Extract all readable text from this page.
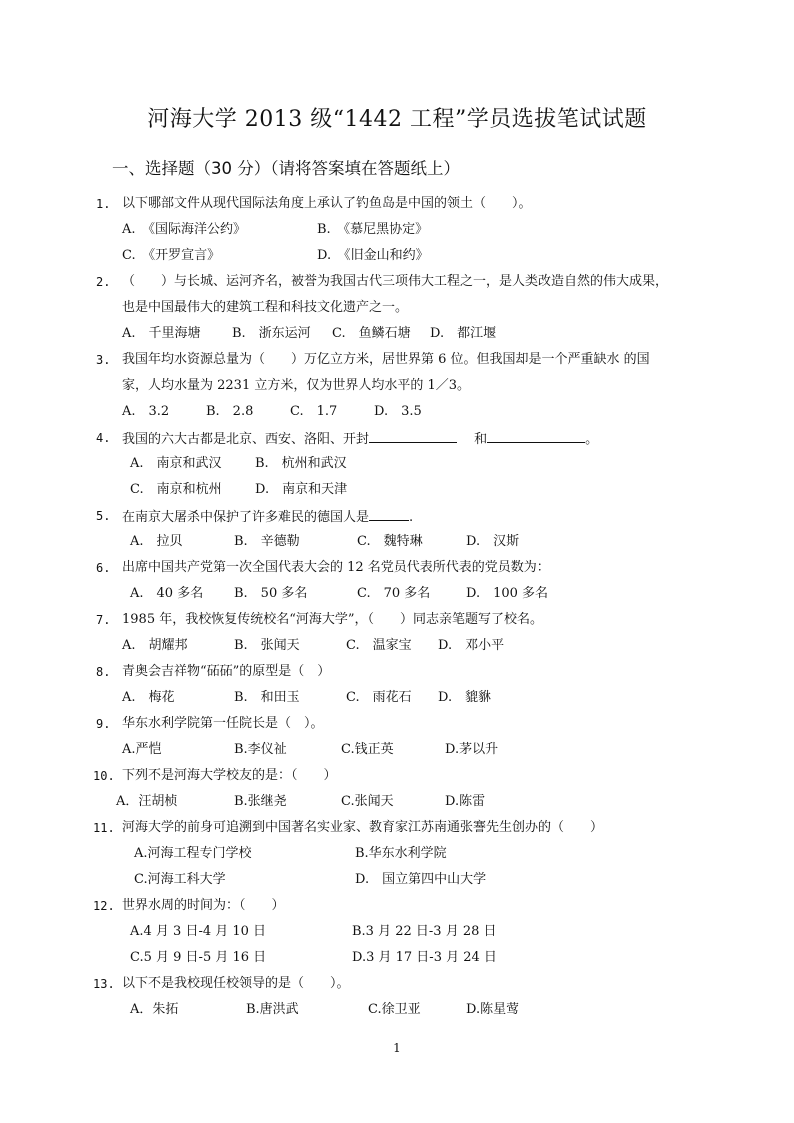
河海大学 2013 级“1442 工程”学员选拔笔试试题
一、选择题（30 分）（请将答案填在答题纸上）
1. 以下哪部文件从现代国际法角度上承认了钓鱼岛是中国的领土（　　）。
A.　《国际海洋公约》	B.　《慕尼黑协定》
C.　《开罗宣言》	D.　《旧金山和约》
2. （　　）与长城、运河齐名，被誉为我国古代三项伟大工程之一，是人类改造自然的伟大成果，
也是中国最伟大的建筑工程和科技文化遗产之一。
A.　千里海塘 B.　浙东运河 C.　鱼鳞石塘 D.　都江堰
3. 我国年均水资源总量为（　　）万亿立方米，居世界第 6 位。但我国却是一个严重缺水 的国
家，人均水量为 2231 立方米，仅为世界人均水平的 1／3。
A.　3.2	B.　2.8	C.　1.7	D.　3.5
4. 我国的六大古都是北京、西安、洛阳、开封　	和	。
A.　南京和武汉	B.　杭州和武汉
C.　南京和杭州	D.　南京和天津
5. 在南京大屠杀中保护了许多难民的德国人是	.
A.　拉贝	B.　辛德勒	C.　魏特琳	D.　汉斯
6. 出席中国共产党第一次全国代表大会的 12 名党员代表所代表的党员数为：
A.　40 多名 B.　50 多名	C.　70 多名	D.　100 多名
7. 1985 年，我校恢复传统校名“河海大学”，（　　）同志亲笔题写了校名。
A.　胡耀邦	B.　张闻天	C.　温家宝 D.　邓小平
8. 青奥会吉祥物“砳砳”的原型是（　）
A.　梅花	B.　和田玉	C.　雨花石 D.　貔貅
9. 华东水利学院第一任院长是（　）。
A.严恺	B.李仪祉	C.钱正英	D.茅以升
10. 下列不是河海大学校友的是：（　　）
A．汪胡桢	B.张继尧	C.张闻天	D.陈雷
11. 河海大学的前身可追溯到中国著名实业家、教育家江苏南通张謇先生创办的（　　）
A.河海工程专门学校	B.华东水利学院
C.河海工科大学	D.　国立第四中山大学
12. 世界水周的时间为：（　　）
A.4 月 3 日-4 月 10 日	B.3 月 22 日-3 月 28 日
C.5 月 9 日-5 月 16 日	D.3 月 17 日-3 月 24 日
13. 以下不是我校现任校领导的是（　　）。
A．朱拓	B.唐洪武	C.徐卫亚	D.陈星莺
1
